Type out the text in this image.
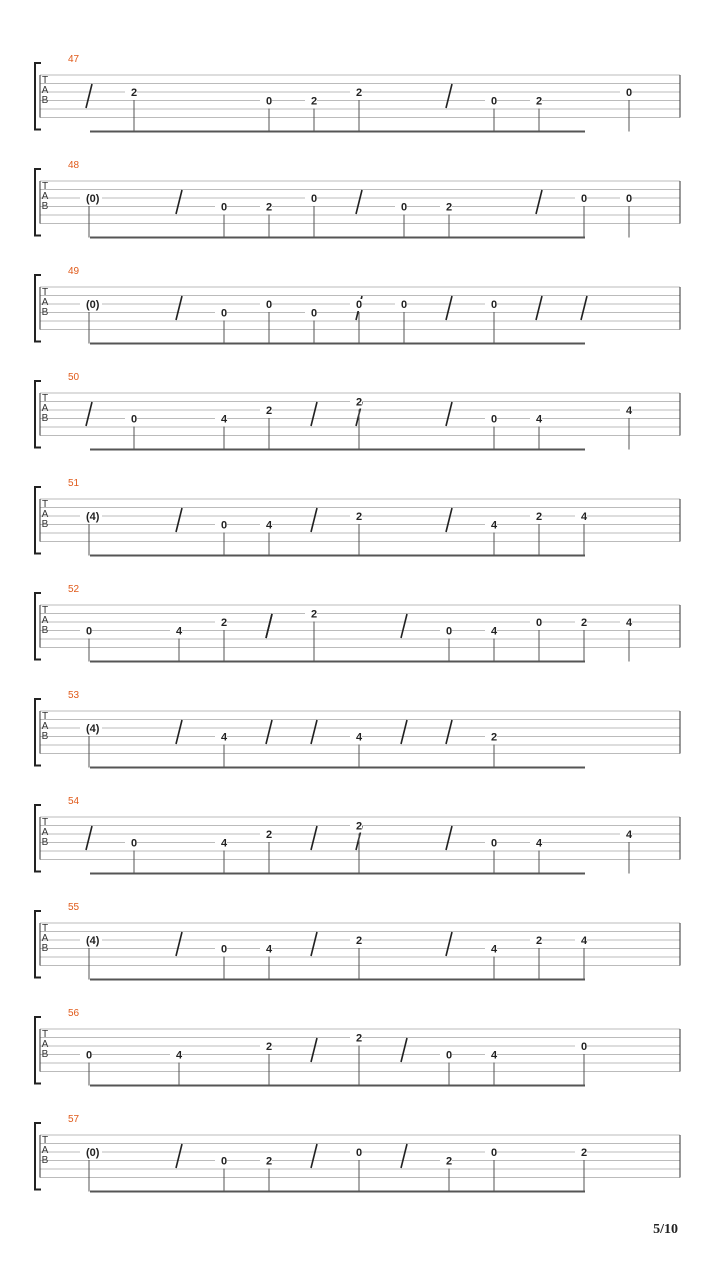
47
T
A
B
2
0	2
2
0	2
0
48
T
A
B
(0)
0	2
0
0	2
0	0
49
T
A
B
(0)
0
0
0
0	0	0
50
T
A
B	0	4
2
2
0	4
4
51
T
A
B
(4)
0	4
2
4
2	4
52
T
A
B	0	4
2
2
0	4
0	2	4
53
T
A
B
(4)
4	4	2
54
T
A
B	0	4
2
2
0	4
4
55
T
A
B
(4)
0	4
2
4
2	4
56
T
A
B	0	4
2
2
0	4
0
57
T
A
B
(0)
0	2
0
2
0	2
5/10
